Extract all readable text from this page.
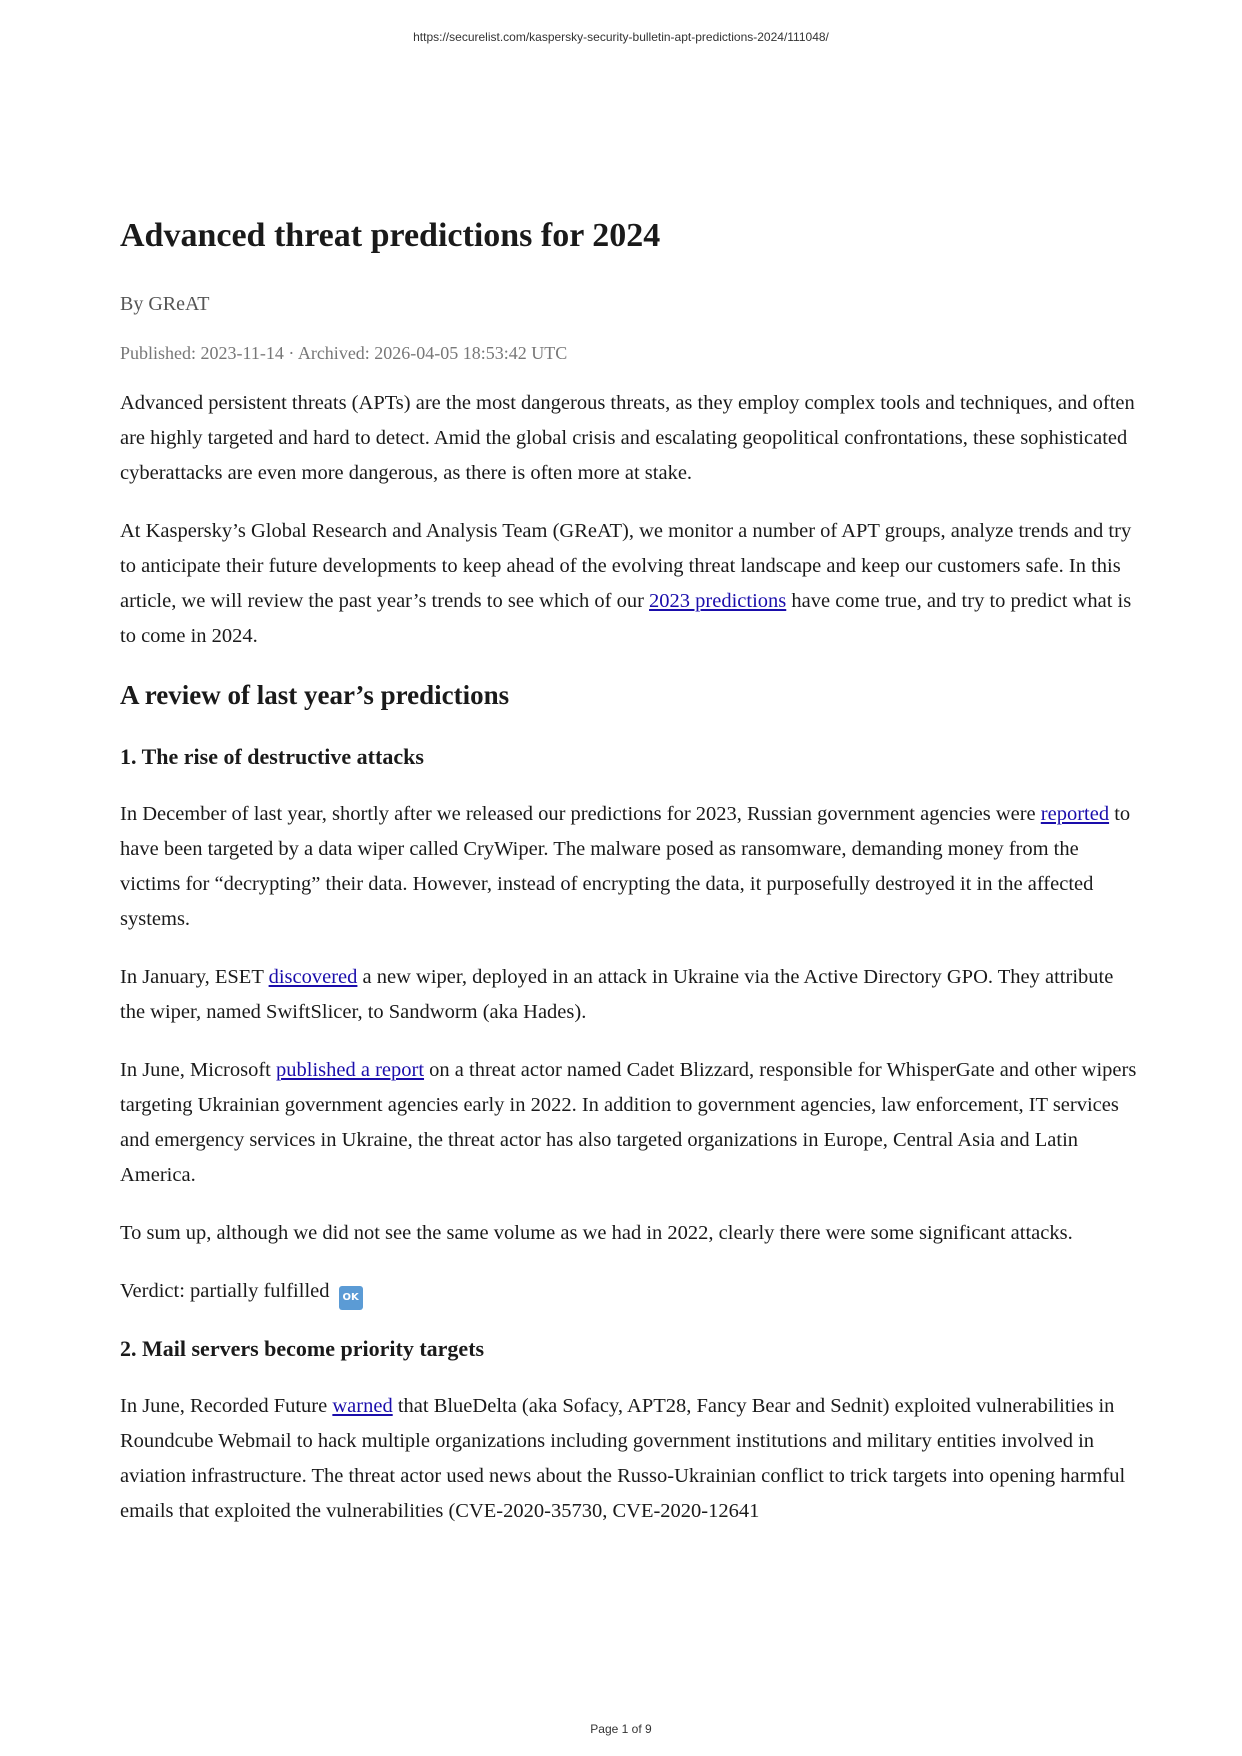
https://securelist.com/kaspersky-security-bulletin-apt-predictions-2024/111048/
Advanced threat predictions for 2024
By GReAT
Published: 2023-11-14 · Archived: 2026-04-05 18:53:42 UTC

Advanced persistent threats (APTs) are the most dangerous threats, as they employ complex tools and techniques, and often are highly targeted and hard to detect. Amid the global crisis and escalating geopolitical confrontations, these sophisticated cyberattacks are even more dangerous, as there is often more at stake.

At Kaspersky’s Global Research and Analysis Team (GReAT), we monitor a number of APT groups, analyze trends and try to anticipate their future developments to keep ahead of the evolving threat landscape and keep our customers safe. In this article, we will review the past year’s trends to see which of our 2023 predictions have come true, and try to predict what is to come in 2024.

A review of last year’s predictions
1. The rise of destructive attacks

In December of last year, shortly after we released our predictions for 2023, Russian government agencies were reported to have been targeted by a data wiper called CryWiper. The malware posed as ransomware, demanding money from the victims for “decrypting” their data. However, instead of encrypting the data, it purposefully destroyed it in the affected systems.

In January, ESET discovered a new wiper, deployed in an attack in Ukraine via the Active Directory GPO. They attribute the wiper, named SwiftSlicer, to Sandworm (aka Hades).

In June, Microsoft published a report on a threat actor named Cadet Blizzard, responsible for WhisperGate and other wipers targeting Ukrainian government agencies early in 2022. In addition to government agencies, law enforcement, IT services and emergency services in Ukraine, the threat actor has also targeted organizations in Europe, Central Asia and Latin America.

To sum up, although we did not see the same volume as we had in 2022, clearly there were some significant attacks.

Verdict: partially fulfilled OK

2. Mail servers become priority targets

In June, Recorded Future warned that BlueDelta (aka Sofacy, APT28, Fancy Bear and Sednit) exploited vulnerabilities in Roundcube Webmail to hack multiple organizations including government institutions and military entities involved in aviation infrastructure. The threat actor used news about the Russo-Ukrainian conflict to trick targets into opening harmful emails that exploited the vulnerabilities (CVE-2020-35730, CVE-2020-12641

Page 1 of 9
